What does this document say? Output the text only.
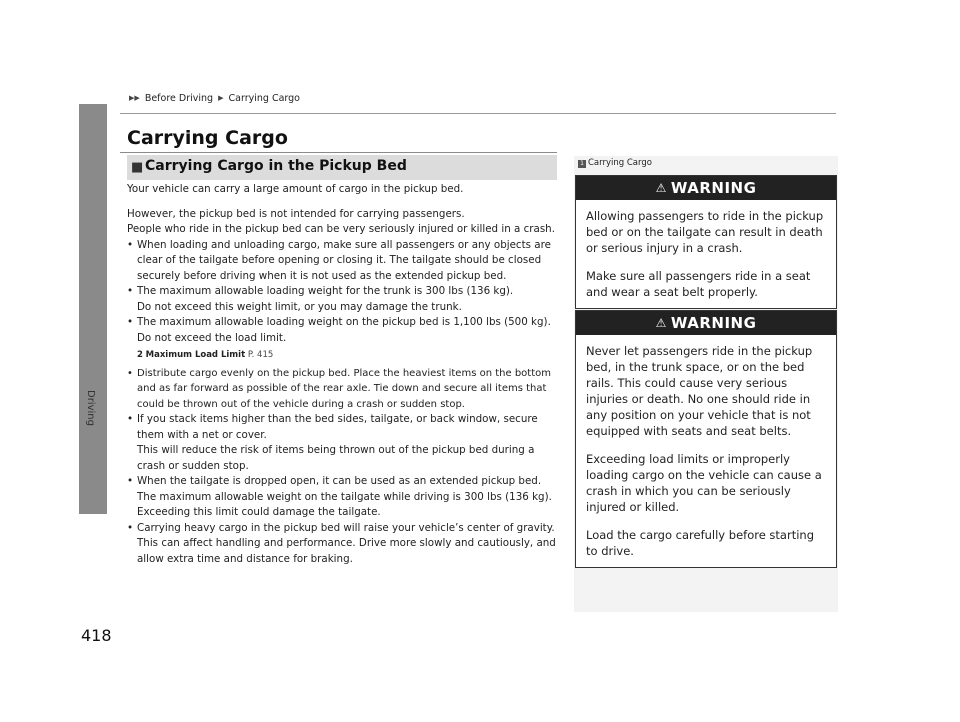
▶▶ Before Driving ▶ Carrying Cargo
Driving
418
Carrying Cargo
■ Carrying Cargo in the Pickup Bed

Your vehicle can carry a large amount of cargo in the pickup bed.

However, the pickup bed is not intended for carrying passengers.

People who ride in the pickup bed can be very seriously injured or killed in a crash.

• When loading and unloading cargo, make sure all passengers or any objects are clear of the tailgate before opening or closing it. The tailgate should be closed securely before driving when it is not used as the extended pickup bed.
• The maximum allowable loading weight for the trunk is 300 lbs (136 kg).
Do not exceed this weight limit, or you may damage the trunk.
• The maximum allowable loading weight on the pickup bed is 1,100 lbs (500 kg).
Do not exceed the load limit.
2 Maximum Load Limit P. 415
• Distribute cargo evenly on the pickup bed. Place the heaviest items on the bottom and as far forward as possible of the rear axle. Tie down and secure all items that could be thrown out of the vehicle during a crash or sudden stop.
• If you stack items higher than the bed sides, tailgate, or back window, secure them with a net or cover.
This will reduce the risk of items being thrown out of the pickup bed during a crash or sudden stop.
• When the tailgate is dropped open, it can be used as an extended pickup bed.
The maximum allowable weight on the tailgate while driving is 300 lbs (136 kg).
Exceeding this limit could damage the tailgate.
• Carrying heavy cargo in the pickup bed will raise your vehicle’s center of gravity. This can affect handling and performance. Drive more slowly and cautiously, and allow extra time and distance for braking.
1 Carrying Cargo
⚠ WARNING

Allowing passengers to ride in the pickup bed or on the tailgate can result in death or serious injury in a crash.

Make sure all passengers ride in a seat and wear a seat belt properly.

⚠ WARNING

Never let passengers ride in the pickup bed, in the trunk space, or on the bed rails. This could cause very serious injuries or death. No one should ride in any position on your vehicle that is not equipped with seats and seat belts.

Exceeding load limits or improperly loading cargo on the vehicle can cause a crash in which you can be seriously injured or killed.

Load the cargo carefully before starting to drive.
